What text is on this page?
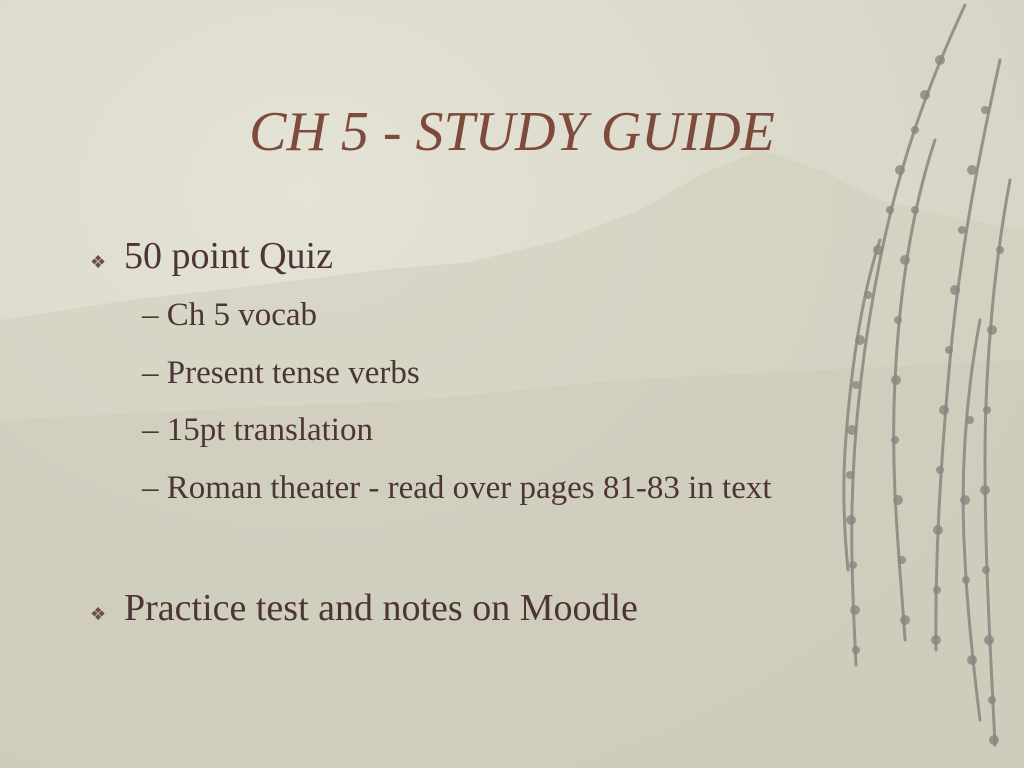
CH 5 - STUDY GUIDE
❖ 50 point Quiz
– Ch 5 vocab
– Present tense verbs
– 15pt translation
– Roman theater - read over pages 81-83 in text
❖ Practice test and notes on Moodle
